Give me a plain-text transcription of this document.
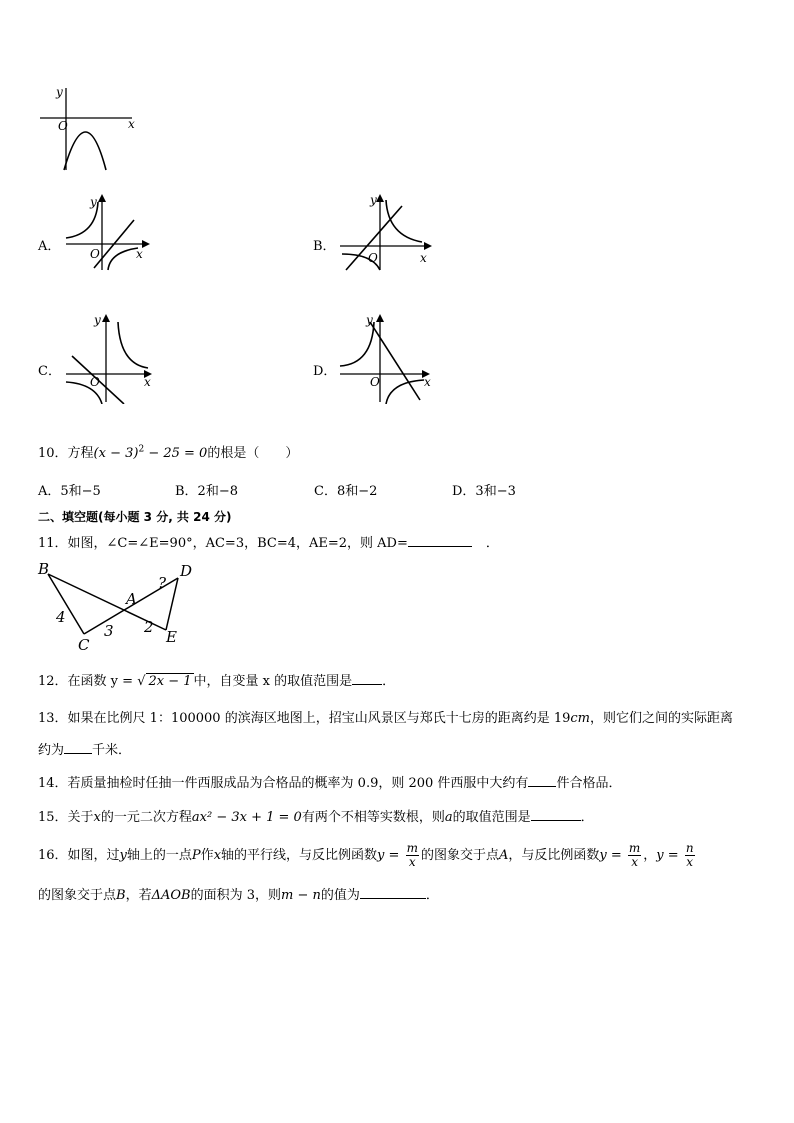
y
x
O
A．
y
x
O	B．
y
x
O
C．
y
x
O
D．
y
x
O
10．方程$(x - 3)^2 - 25 = 0$的根是（　　）
A．5和−5	B．2和−8	C．8和−2	D．3和−3
二、填空题(每小题 3 分, 共 24 分)
11．如图，∠C=∠E=90°，AC=3，BC=4，AE=2，则 AD=	．
B	D
A
C	E
?
4
3 2
12．在函数 y = √ 2x − 1 中，自变量 x 的取值范围是 ．
13．如果在比例尺 1：100000 的滨海区地图上，招宝山风景区与郑氏十七房的距离约是 19cm，则它们之间的实际距离
约为 千米．
14．若质量抽检时任抽一件西服成品为合格品的概率为 0.9，则 200 件西服中大约有 件合格品．
15．关于x的一元二次方程ax² − 3x + 1 = 0有两个不相等实数根，则a的取值范围是	．
16．如图，过y轴上的一点P作x轴的平行线，与反比例函数$y = \frac{m}{x}$ 的图象交于点A，与反比例函数$y = \frac{m}{x}$ ，$y = \frac{n}{x}$
的图象交于点B，若ΔAOB的面积为 3，则m − n的值为	．
